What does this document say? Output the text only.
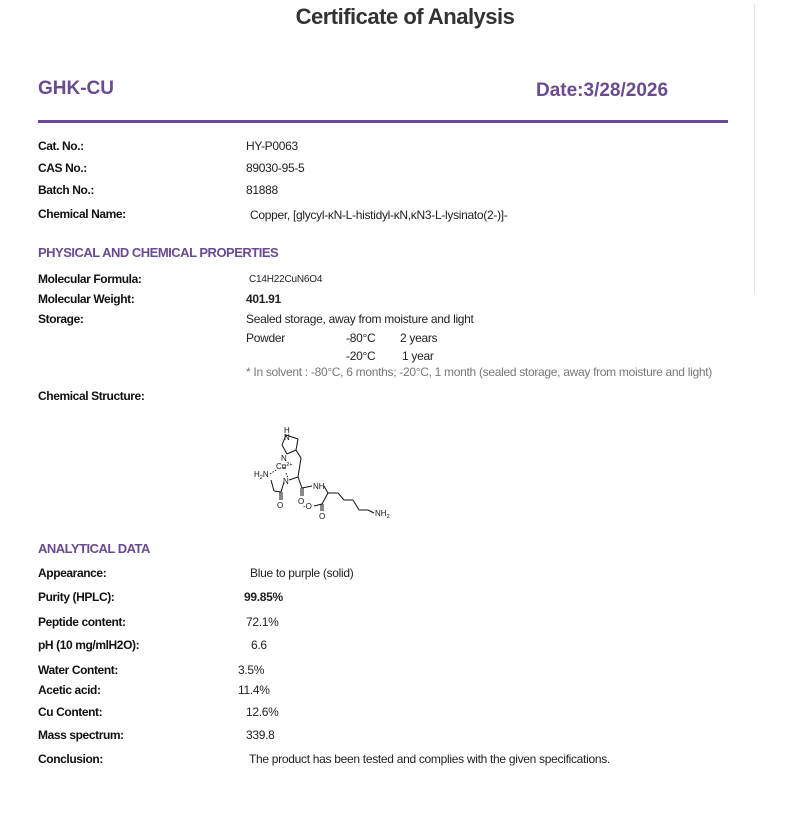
Certificate of Analysis
GHK-CU	Date:3/28/2026
Cat. No.:	HY-P0063
CAS No.:	89030-95-5
Batch No.:	81888
Chemical Name:	Copper, [glycyl-κN-L-histidyl-κN,κN3-L-lysinato(2-)]-
PHYSICAL AND CHEMICAL PROPERTIES
Molecular Formula:	C14H22CuN6O4
Molecular Weight:	401.91
Storage:	Sealed storage, away from moisture and light
Powder	-80°C 2 years
-20°C 1 year
* In solvent : -80°C, 6 months; -20°C, 1 month (sealed storage, away from moisture and light)
Chemical Structure:
H
N
N
$Cu^{2+}$
$H_2N$
N
NH
O
O -O
O	$NH_2$
ANALYTICAL DATA
Appearance:	Blue to purple (solid)
Purity (HPLC):	99.85%
Peptide content:	72.1%
pH (10 mg/mlH2O):	6.6
Water Content:	3.5%
Acetic acid:	11.4%
Cu Content:	12.6%
Mass spectrum:	339.8
Conclusion:	The product has been tested and complies with the given specifications.
